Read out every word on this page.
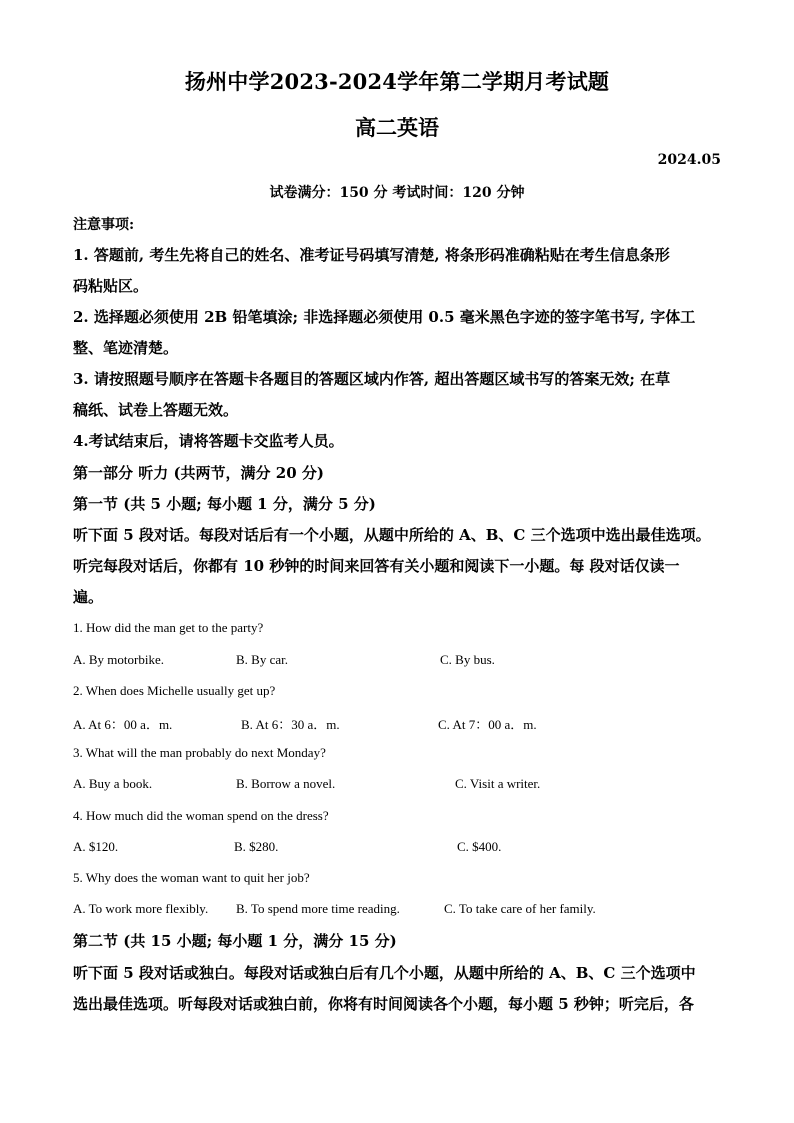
扬州中学2023-2024学年第二学期月考试题
高二英语
2024.05
试卷满分：150 分 考试时间：120 分钟
注意事项:
1. 答题前, 考生先将自己的姓名、准考证号码填写清楚, 将条形码准确粘贴在考生信息条形
码粘贴区。
2. 选择题必须使用 2B 铅笔填涂; 非选择题必须使用 0.5 毫米黑色字迹的签字笔书写, 字体工
整、笔迹清楚。
3. 请按照题号顺序在答题卡各题目的答题区域内作答, 超出答题区域书写的答案无效; 在草
稿纸、试卷上答题无效。
4.考试结束后，请将答题卡交监考人员。
第一部分 听力 (共两节，满分 20 分)
第一节 (共 5 小题; 每小题 1 分，满分 5 分)
听下面 5 段对话。每段对话后有一个小题，从题中所给的 A、B、C 三个选项中选出最佳选项。
听完每段对话后，你都有 10 秒钟的时间来回答有关小题和阅读下一小题。每 段对话仅读一
遍。
1. How did the man get to the party?
A. By motorbike.	B. By car.	C. By bus.
2. When does Michelle usually get up?
A. At 6：00 a．m.	B. At 6：30 a．m.	C. At 7：00 a．m.
3. What will the man probably do next Monday?
A. Buy a book.	B. Borrow a novel.	C. Visit a writer.
4. How much did the woman spend on the dress?
A. $120.	B. $280.	C. $400.
5. Why does the woman want to quit her job?
A. To work more flexibly. B. To spend more time reading.	C. To take care of her family.
第二节 (共 15 小题; 每小题 1 分，满分 15 分)
听下面 5 段对话或独白。每段对话或独白后有几个小题，从题中所给的 A、B、C 三个选项中
选出最佳选项。听每段对话或独白前，你将有时间阅读各个小题，每小题 5 秒钟；听完后，各
